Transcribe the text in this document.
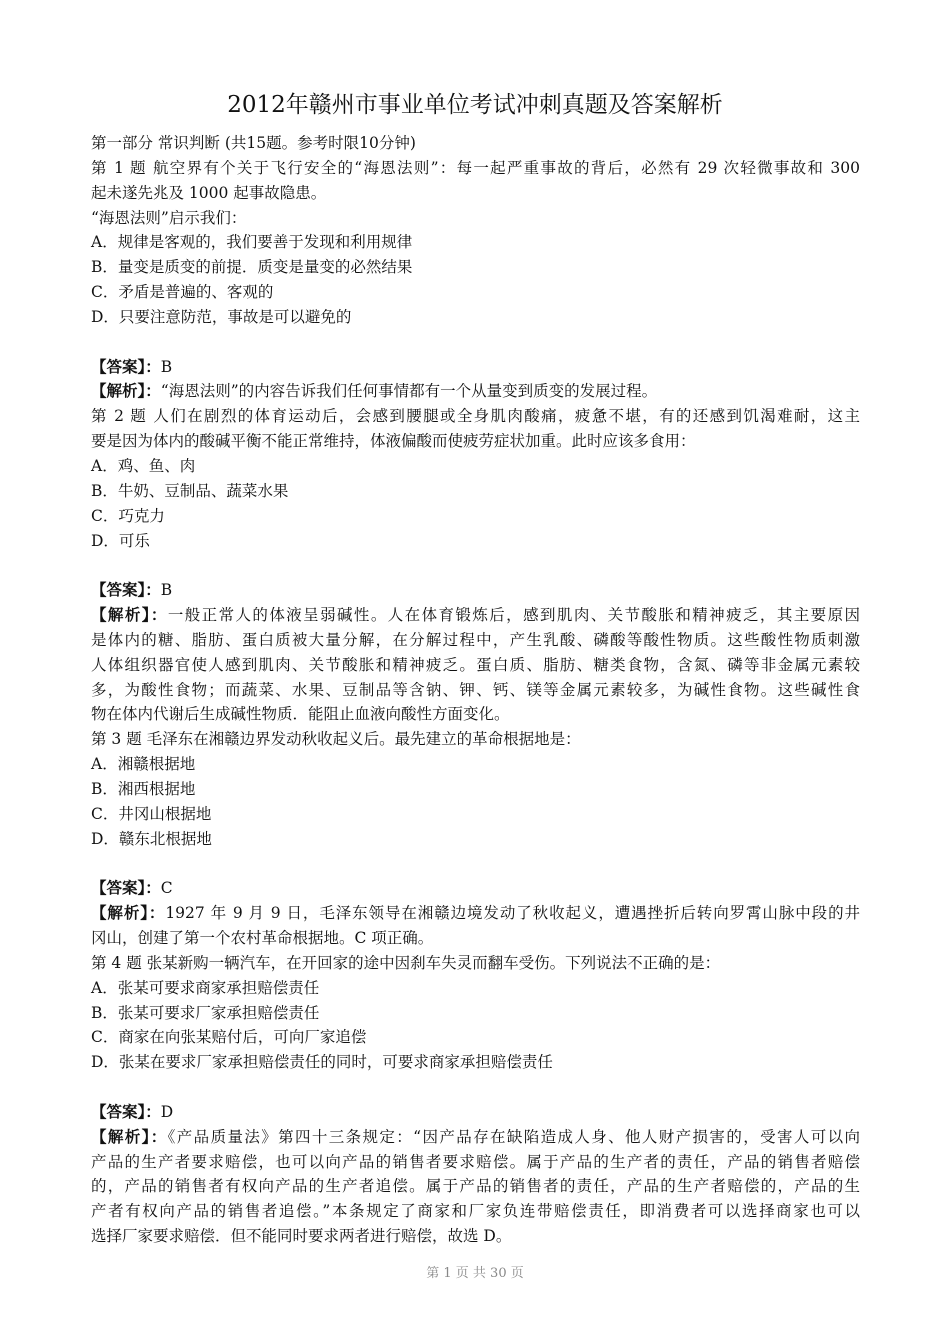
2012年赣州市事业单位考试冲刺真题及答案解析
第一部分 常识判断 (共15题。参考时限10分钟)
第 1 题 航空界有个关于飞行安全的“海恩法则”：每一起严重事故的背后，必然有 29 次轻微事故和 300
起未遂先兆及 1000 起事故隐患。
“海恩法则”启示我们：
A．规律是客观的，我们要善于发现和利用规律
B．量变是质变的前提．质变是量变的必然结果
C．矛盾是普遍的、客观的
D．只要注意防范，事故是可以避免的
【答案】：B
【解析】：“海恩法则”的内容告诉我们任何事情都有一个从量变到质变的发展过程。
第 2 题 人们在剧烈的体育运动后，会感到腰腿或全身肌肉酸痛，疲惫不堪，有的还感到饥渴难耐，这主
要是因为体内的酸碱平衡不能正常维持，体液偏酸而使疲劳症状加重。此时应该多食用：
A．鸡、鱼、肉
B．牛奶、豆制品、蔬菜水果
C．巧克力
D．可乐
【答案】：B
【解析】：一般正常人的体液呈弱碱性。人在体育锻炼后，感到肌肉、关节酸胀和精神疲乏，其主要原因
是体内的糖、脂肪、蛋白质被大量分解，在分解过程中，产生乳酸、磷酸等酸性物质。这些酸性物质刺激
人体组织器官使人感到肌肉、关节酸胀和精神疲乏。蛋白质、脂肪、糖类食物，含氮、磷等非金属元素较
多，为酸性食物；而蔬菜、水果、豆制品等含钠、钾、钙、镁等金属元素较多，为碱性食物。这些碱性食
物在体内代谢后生成碱性物质．能阻止血液向酸性方面变化。
第 3 题 毛泽东在湘赣边界发动秋收起义后。最先建立的革命根据地是：
A．湘赣根据地
B．湘西根据地
C．井冈山根据地
D．赣东北根据地
【答案】：C
【解析】：1927 年 9 月 9 日，毛泽东领导在湘赣边境发动了秋收起义，遭遇挫折后转向罗霄山脉中段的井
冈山，创建了第一个农村革命根据地。C 项正确。
第 4 题 张某新购一辆汽车，在开回家的途中因刹车失灵而翻车受伤。下列说法不正确的是：
A．张某可要求商家承担赔偿责任
B．张某可要求厂家承担赔偿责任
C．商家在向张某赔付后，可向厂家追偿
D．张某在要求厂家承担赔偿责任的同时，可要求商家承担赔偿责任
【答案】：D
【解析】：《产品质量法》第四十三条规定：“因产品存在缺陷造成人身、他人财产损害的，受害人可以向
产品的生产者要求赔偿，也可以向产品的销售者要求赔偿。属于产品的生产者的责任，产品的销售者赔偿
的，产品的销售者有权向产品的生产者追偿。属于产品的销售者的责任，产品的生产者赔偿的，产品的生
产者有权向产品的销售者追偿。”本条规定了商家和厂家负连带赔偿责任，即消费者可以选择商家也可以
选择厂家要求赔偿．但不能同时要求两者进行赔偿，故选 D。
第 1 页 共 30 页
